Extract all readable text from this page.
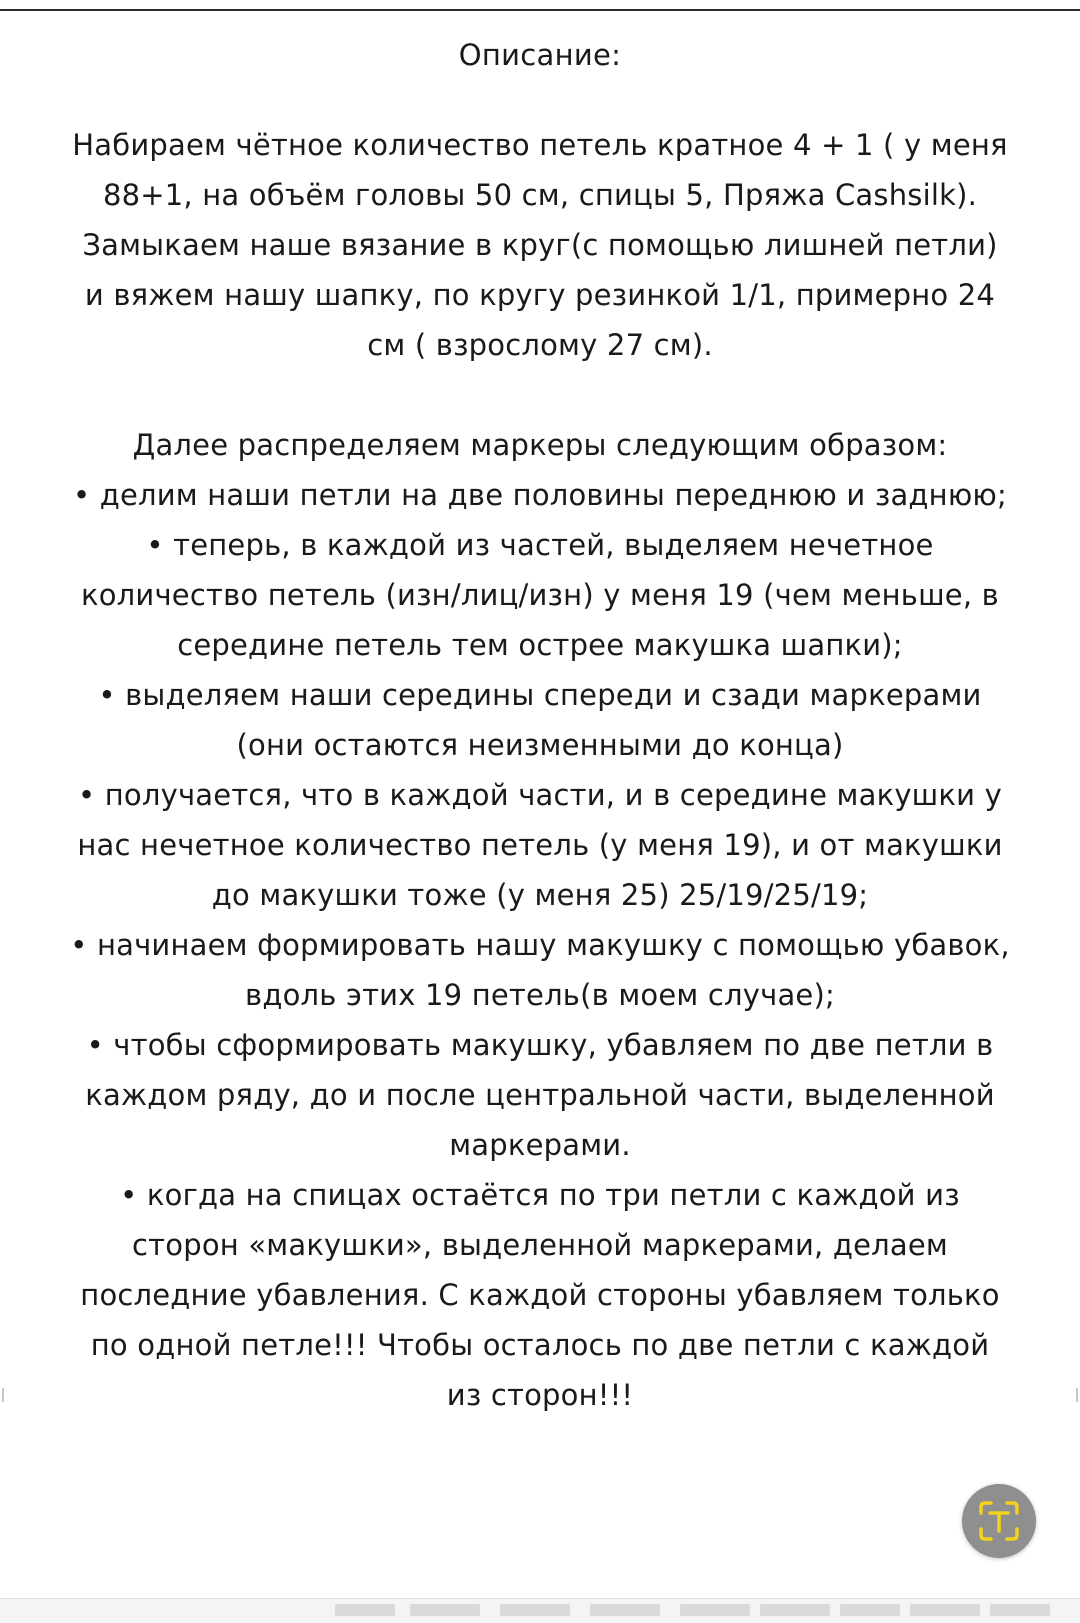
Описание:

Набираем чётное количество петель кратное 4 + 1 ( у меня 88+1, на объём головы 50 см, спицы 5, Пряжа Cashsilk). Замыкаем наше вязание в круг(с помощью лишней петли) и вяжем нашу шапку, по кругу резинкой 1/1, примерно 24 см ( взрослому 27 см).

Далее распределяем маркеры следующим образом:

• делим наши петли на две половины переднюю и заднюю;
• теперь, в каждой из частей, выделяем нечетное количество петель (изн/лиц/изн) у меня 19 (чем меньше, в середине петель тем острее макушка шапки);
• выделяем наши середины спереди и сзади маркерами (они остаются неизменными до конца)
• получается, что в каждой части, и в середине макушки у нас нечетное количество петель (у меня 19), и от макушки до макушки тоже (у меня 25) 25/19/25/19;
• начинаем формировать нашу макушку с помощью убавок, вдоль этих 19 петель(в моем случае);
• чтобы сформировать макушку, убавляем по две петли в каждом ряду, до и после центральной части, выделенной маркерами.
• когда на спицах остаётся по три петли с каждой из сторон «макушки», выделенной маркерами, делаем последние убавления. С каждой стороны убавляем только по одной петле!!! Чтобы осталось по две петли с каждой из сторон!!!
